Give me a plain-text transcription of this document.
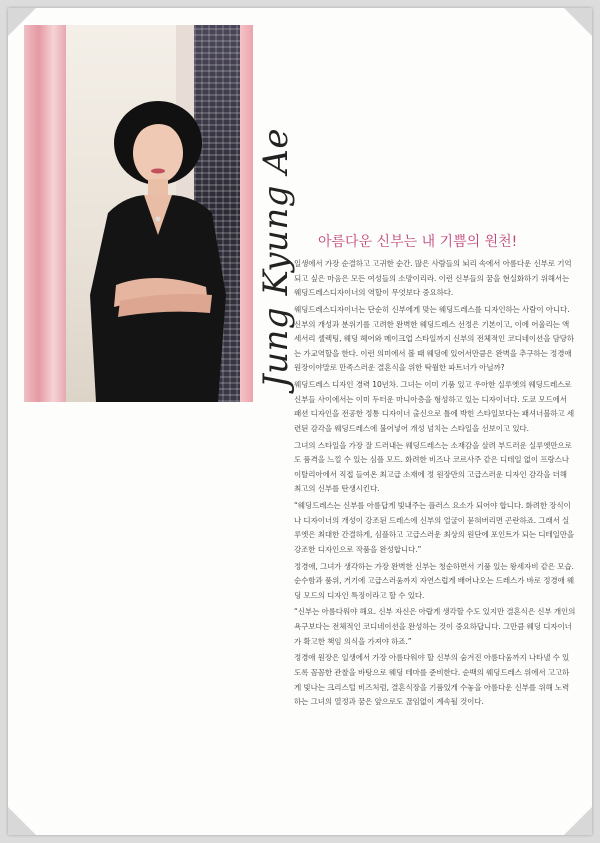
Jung Kyung Ae 아름다운 신부는 내 기쁨의 원천!

일생에서 가장 순결하고 고귀한 순간. 많은 사람들의 뇌리 속에서 아름다운 신부로 기억되고 싶은 마음은 모든 여성들의 소망이리라. 이런 신부들의 꿈을 현실화하기 위해서는 웨딩드레스디자이너의 역할이 무엇보다 중요하다.

웨딩드레스디자이너는 단순히 신부에게 맞는 웨딩드레스를 디자인하는 사람이 아니다. 신부의 개성과 분위기를 고려한 완벽한 웨딩드레스 선정은 기본이고, 이에 어울리는 액세서리 셀렉팅, 웨딩 헤어와 메이크업 스타일까지 신부의 전체적인 코디네이션을 담당하는 가교역할을 한다. 이런 의미에서 볼 때 웨딩에 있어서만큼은 완벽을 추구하는 정경애 원장이야말로 만족스러운 결혼식을 위한 탁월한 파트너가 아닐까?

웨딩드레스 디자인 경력 10년차. 그녀는 이미 기품 있고 우아한 실루엣의 웨딩드레스로 신부들 사이에서는 이미 두터운 마니아층을 형성하고 있는 디자이너다. 도쿄 모드에서 패션 디자인을 전공한 정통 디자이너 출신으로 틀에 박힌 스타일보다는 패셔너블하고 세련된 감각을 웨딩드레스에 불어넣어 개성 넘치는 스타일을 선보이고 있다.

그녀의 스타일을 가장 잘 드러내는 웨딩드레스는 소재감을 살려 부드러운 실루엣만으로도 품격을 느낄 수 있는 심플 모드. 화려한 비즈나 코르사주 같은 디테일 없이 프랑스나 이탈리아에서 직접 들여온 최고급 소재에 정 원장만의 고급스러운 디자인 감각을 더해 최고의 신부를 탄생시킨다.

“웨딩드레스는 신부를 아름답게 빛내주는 플러스 요소가 되어야 합니다. 화려한 장식이나 디자이너의 개성이 강조된 드레스에 신부의 얼굴이 묻혀버리면 곤란하죠. 그래서 실루엣은 최대한 간결하게, 심플하고 고급스러운 최상의 원단에 포인트가 되는 디테일만을 강조한 디자인으로 작품을 완성합니다.”

정경애, 그녀가 생각하는 가장 완벽한 신부는 청순하면서 기품 있는 왕세자비 같은 모습. 순수함과 품위, 거기에 고급스러움까지 자연스럽게 배어나오는 드레스가 바로 정경애 웨딩 모드의 디자인 특징이라고 할 수 있다.

“신부는 아름다워야 해요. 신부 자신은 아랍게 생각할 수도 있지만 결혼식은 신부 개인의 욕구보다는 전체적인 코디네이션을 완성하는 것이 중요하답니다. 그만큼 웨딩 디자이너가 확고한 책임 의식을 가져야 하죠.”

정경애 원장은 일생에서 가장 아름다워야 할 신부의 숨겨진 아름다움까지 나타낼 수 있도록 꼼꼼한 관찰을 바탕으로 웨딩 테마를 준비한다. 순백의 웨딩드레스 위에서 고고하게 빛나는 크리스털 비즈처럼, 결혼식장을 기품있게 수놓을 아름다운 신부를 위해 노력하는 그녀의 열정과 꿈은 앞으로도 끊임없이 계속될 것이다.
